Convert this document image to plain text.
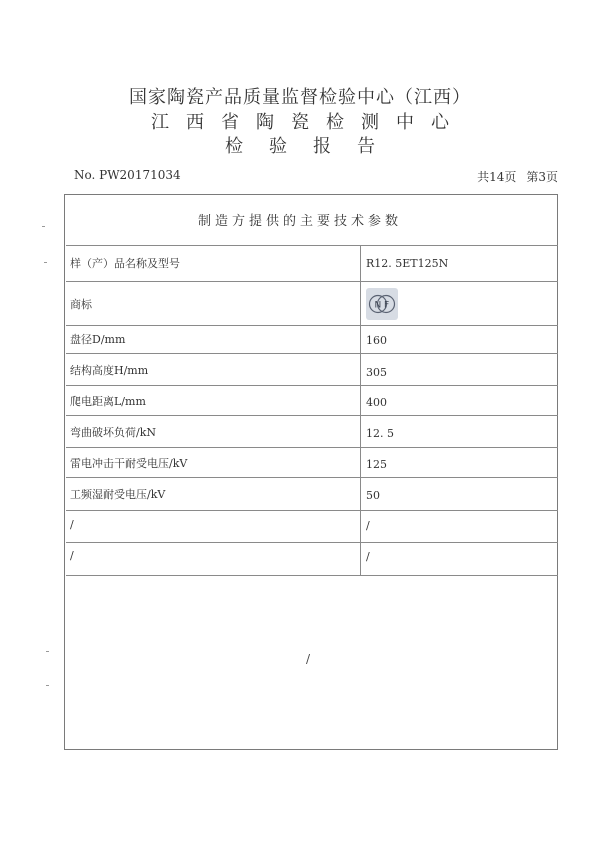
国家陶瓷产品质量监督检验中心（江西）
江西省陶瓷检测中心
检验报告
No. PW20171034	共14页 第3页
制造方提供的主要技术参数
样（产）品名称及型号	R12. 5ET125N
商标	N F
盘径D/mm	160
结构高度H/mm	305
爬电距离L/mm	400
弯曲破坏负荷/kN	12. 5
雷电冲击干耐受电压/kV	125
工频湿耐受电压/kV	50
/	/
/	/
/
